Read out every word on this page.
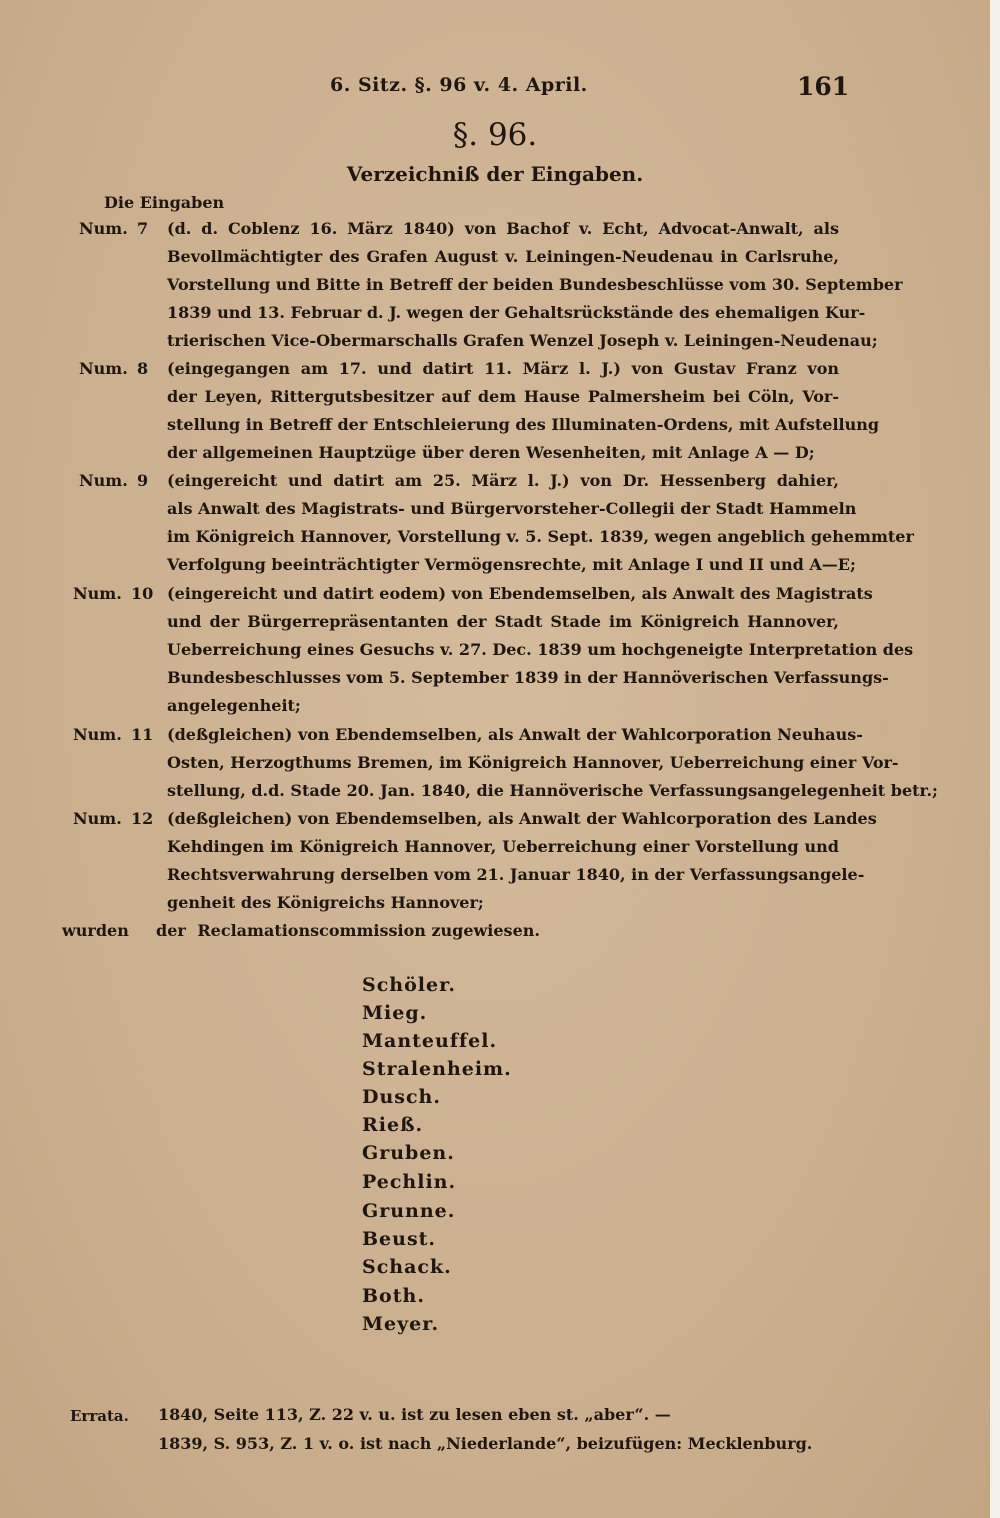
6. Sitz. §. 96 v. 4. April.	161
§. 96.
Verzeichniß der Eingaben.
Die Eingaben
Num. 7 (d. d. Coblenz 16. März 1840) von Bachof v. Echt, Advocat-Anwalt, als
Bevollmächtigter des Grafen August v. Leiningen-Neudenau in Carlsruhe,
Vorstellung und Bitte in Betreff der beiden Bundesbeschlüsse vom 30. September
1839 und 13. Februar d. J. wegen der Gehaltsrückstände des ehemaligen Kur-
trierischen Vice-Obermarschalls Grafen Wenzel Joseph v. Leiningen-Neudenau;
Num. 8 (eingegangen am 17. und datirt 11. März l. J.) von Gustav Franz von
der Leyen, Rittergutsbesitzer auf dem Hause Palmersheim bei Cöln, Vor-
stellung in Betreff der Entschleierung des Illuminaten-Ordens, mit Aufstellung
der allgemeinen Hauptzüge über deren Wesenheiten, mit Anlage A — D;
Num. 9 (eingereicht und datirt am 25. März l. J.) von Dr. Hessenberg dahier,
als Anwalt des Magistrats- und Bürgervorsteher-Collegii der Stadt Hammeln
im Königreich Hannover, Vorstellung v. 5. Sept. 1839, wegen angeblich gehemmter
Verfolgung beeinträchtigter Vermögensrechte, mit Anlage I und II und A—E;
Num. 10 (eingereicht und datirt eodem) von Ebendemselben, als Anwalt des Magistrats
und der Bürgerrepräsentanten der Stadt Stade im Königreich Hannover,
Ueberreichung eines Gesuchs v. 27. Dec. 1839 um hochgeneigte Interpretation des
Bundesbeschlusses vom 5. September 1839 in der Hannöverischen Verfassungs-
angelegenheit;
Num. 11 (deßgleichen) von Ebendemselben, als Anwalt der Wahlcorporation Neuhaus-
Osten, Herzogthums Bremen, im Königreich Hannover, Ueberreichung einer Vor-
stellung, d.d. Stade 20. Jan. 1840, die Hannöverische Verfassungsangelegenheit betr.;
Num. 12 (deßgleichen) von Ebendemselben, als Anwalt der Wahlcorporation des Landes
Kehdingen im Königreich Hannover, Ueberreichung einer Vorstellung und
Rechtsverwahrung derselben vom 21. Januar 1840, in der Verfassungsangele-
genheit des Königreichs Hannover;
wurden der Reclamationscommission zugewiesen.
Schöler.
Mieg.
Manteuffel.
Stralenheim.
Dusch.
Rieß.
Gruben.
Pechlin.
Grunne.
Beust.
Schack.
Both.
Meyer.
Errata. 1840, Seite 113, Z. 22 v. u. ist zu lesen eben st. „aber“. —
1839, S. 953, Z. 1 v. o. ist nach „Niederlande“, beizufügen: Mecklenburg.
